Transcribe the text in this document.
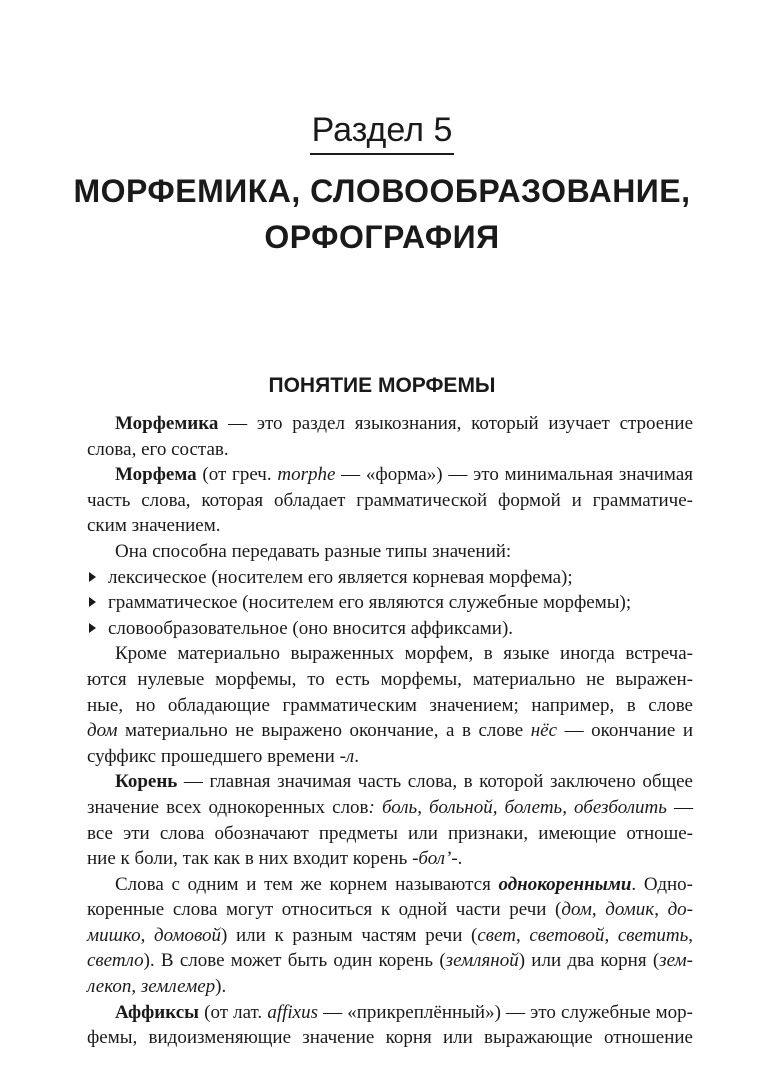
Раздел 5
МОРФЕМИКА, СЛОВООБРАЗОВАНИЕ,
ОРФОГРАФИЯ
ПОНЯТИЕ МОРФЕМЫ

Морфемика — это раздел языкознания, который изучает строение
слова, его состав.

Морфема (от греч. morphe — «форма») — это минимальная значимая
часть слова, которая обладает грамматической формой и грамматиче-
ским значением.

Она способна передавать разные типы значений:

лексическое (носителем его является корневая морфема);
грамматическое (носителем его являются служебные морфемы);
словообразовательное (оно вносится аффиксами).

Кроме материально выраженных морфем, в языке иногда встреча-
ются нулевые морфемы, то есть морфемы, материально не выражен-
ные, но обладающие грамматическим значением; например, в слове
дом материально не выражено окончание, а в слове нёс — окончание и
суффикс прошедшего времени -л.

Корень — главная значимая часть слова, в которой заключено общее
значение всех однокоренных слов: боль, больной, болеть, обезболить —
все эти слова обозначают предметы или признаки, имеющие отноше-
ние к боли, так как в них входит корень -бол’-.

Слова с одним и тем же корнем называются однокоренными. Одно-
коренные слова могут относиться к одной части речи (дом, домик, до-
мишко, домовой) или к разным частям речи (свет, световой, светить,
светло). В слове может быть один корень (земляной) или два корня (зем-
лекоп, землемер).

Аффиксы (от лат. affixus — «прикреплённый») — это служебные мор-
фемы, видоизменяющие значение корня или выражающие отношение
